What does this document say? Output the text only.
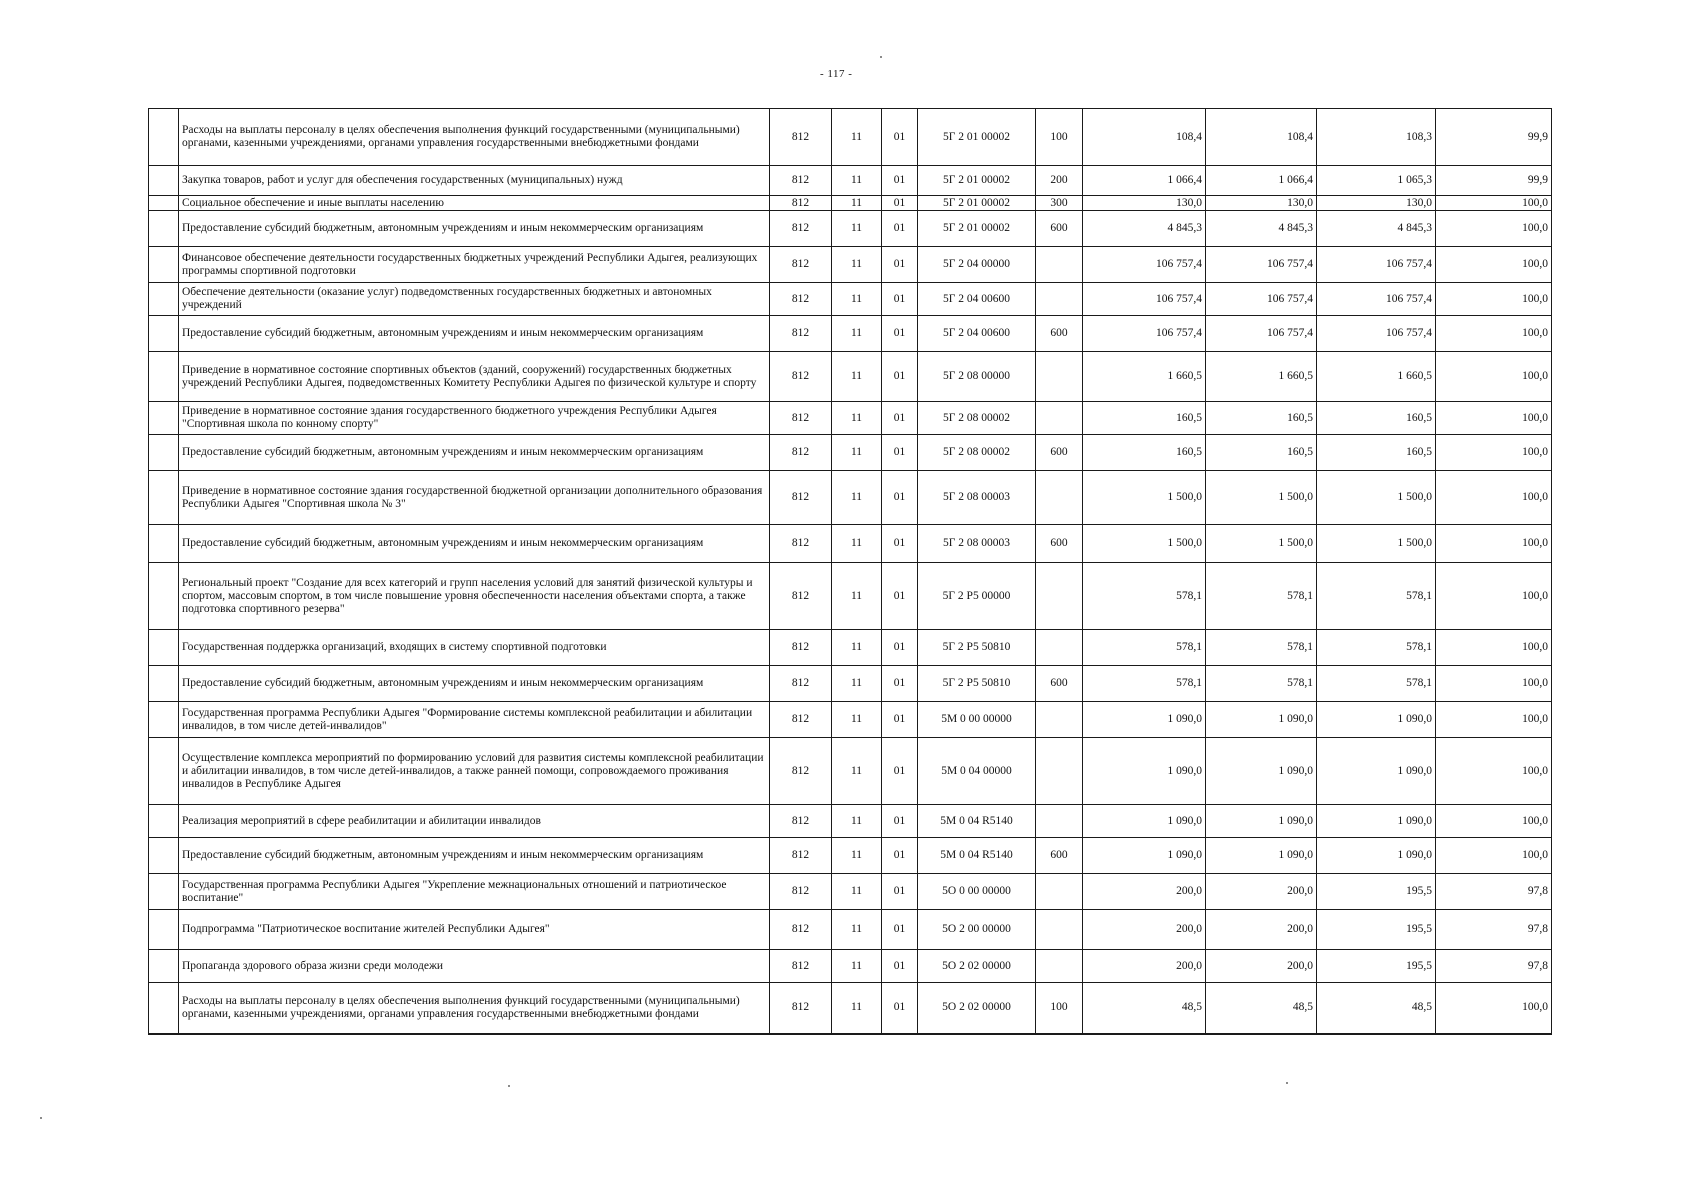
- 117 -
	Расходы на выплаты персоналу в целях обеспечения выполнения функций государственными (муниципальными) органами, казенными учреждениями, органами управления государственными внебюджетными фондами	812	11	01	5Г 2 01 00002	100	108,4	108,4	108,3	99,9
	Закупка товаров, работ и услуг для обеспечения государственных (муниципальных) нужд	812	11	01	5Г 2 01 00002	200	1 066,4	1 066,4	1 065,3	99,9
	Социальное обеспечение и иные выплаты населению	812	11	01	5Г 2 01 00002	300	130,0	130,0	130,0	100,0
	Предоставление субсидий бюджетным, автономным учреждениям и иным некоммерческим организациям	812	11	01	5Г 2 01 00002	600	4 845,3	4 845,3	4 845,3	100,0
	Финансовое обеспечение деятельности государственных бюджетных учреждений Республики Адыгея, реализующих программы спортивной подготовки	812	11	01	5Г 2 04 00000		106 757,4	106 757,4	106 757,4	100,0
	Обеспечение деятельности (оказание услуг) подведомственных государственных бюджетных и автономных учреждений	812	11	01	5Г 2 04 00600		106 757,4	106 757,4	106 757,4	100,0
	Предоставление субсидий бюджетным, автономным учреждениям и иным некоммерческим организациям	812	11	01	5Г 2 04 00600	600	106 757,4	106 757,4	106 757,4	100,0
	Приведение в нормативное состояние спортивных объектов (зданий, сооружений) государственных бюджетных учреждений Республики Адыгея, подведомственных Комитету Республики Адыгея по физической культуре и спорту	812	11	01	5Г 2 08 00000		1 660,5	1 660,5	1 660,5	100,0
	Приведение в нормативное состояние здания государственного бюджетного учреждения Республики Адыгея "Спортивная школа по конному спорту"	812	11	01	5Г 2 08 00002		160,5	160,5	160,5	100,0
	Предоставление субсидий бюджетным, автономным учреждениям и иным некоммерческим организациям	812	11	01	5Г 2 08 00002	600	160,5	160,5	160,5	100,0
	Приведение в нормативное состояние здания государственной бюджетной организации дополнительного образования Республики Адыгея "Спортивная школа № 3"	812	11	01	5Г 2 08 00003		1 500,0	1 500,0	1 500,0	100,0
	Предоставление субсидий бюджетным, автономным учреждениям и иным некоммерческим организациям	812	11	01	5Г 2 08 00003	600	1 500,0	1 500,0	1 500,0	100,0
	Региональный проект "Создание для всех категорий и групп населения условий для занятий физической культуры и спортом, массовым спортом, в том числе повышение уровня обеспеченности населения объектами спорта, а также подготовка спортивного резерва"	812	11	01	5Г 2 P5 00000		578,1	578,1	578,1	100,0
	Государственная поддержка организаций, входящих в систему спортивной подготовки	812	11	01	5Г 2 P5 50810		578,1	578,1	578,1	100,0
	Предоставление субсидий бюджетным, автономным учреждениям и иным некоммерческим организациям	812	11	01	5Г 2 P5 50810	600	578,1	578,1	578,1	100,0
	Государственная программа Республики Адыгея "Формирование системы комплексной реабилитации и абилитации инвалидов, в том числе детей-инвалидов"	812	11	01	5М 0 00 00000		1 090,0	1 090,0	1 090,0	100,0
	Осуществление комплекса мероприятий по формированию условий для развития системы комплексной реабилитации и абилитации инвалидов, в том числе детей-инвалидов, а также ранней помощи, сопровождаемого проживания инвалидов в Республике Адыгея	812	11	01	5М 0 04 00000		1 090,0	1 090,0	1 090,0	100,0
	Реализация мероприятий в сфере реабилитации и абилитации инвалидов	812	11	01	5М 0 04 R5140		1 090,0	1 090,0	1 090,0	100,0
	Предоставление субсидий бюджетным, автономным учреждениям и иным некоммерческим организациям	812	11	01	5М 0 04 R5140	600	1 090,0	1 090,0	1 090,0	100,0
	Государственная программа Республики Адыгея "Укрепление межнациональных отношений и патриотическое воспитание"	812	11	01	5О 0 00 00000		200,0	200,0	195,5	97,8
	Подпрограмма "Патриотическое воспитание жителей Республики Адыгея"	812	11	01	5О 2 00 00000		200,0	200,0	195,5	97,8
	Пропаганда здорового образа жизни среди молодежи	812	11	01	5О 2 02 00000		200,0	200,0	195,5	97,8
	Расходы на выплаты персоналу в целях обеспечения выполнения функций государственными (муниципальными) органами, казенными учреждениями, органами управления государственными внебюджетными фондами	812	11	01	5О 2 02 00000	100	48,5	48,5	48,5	100,0
